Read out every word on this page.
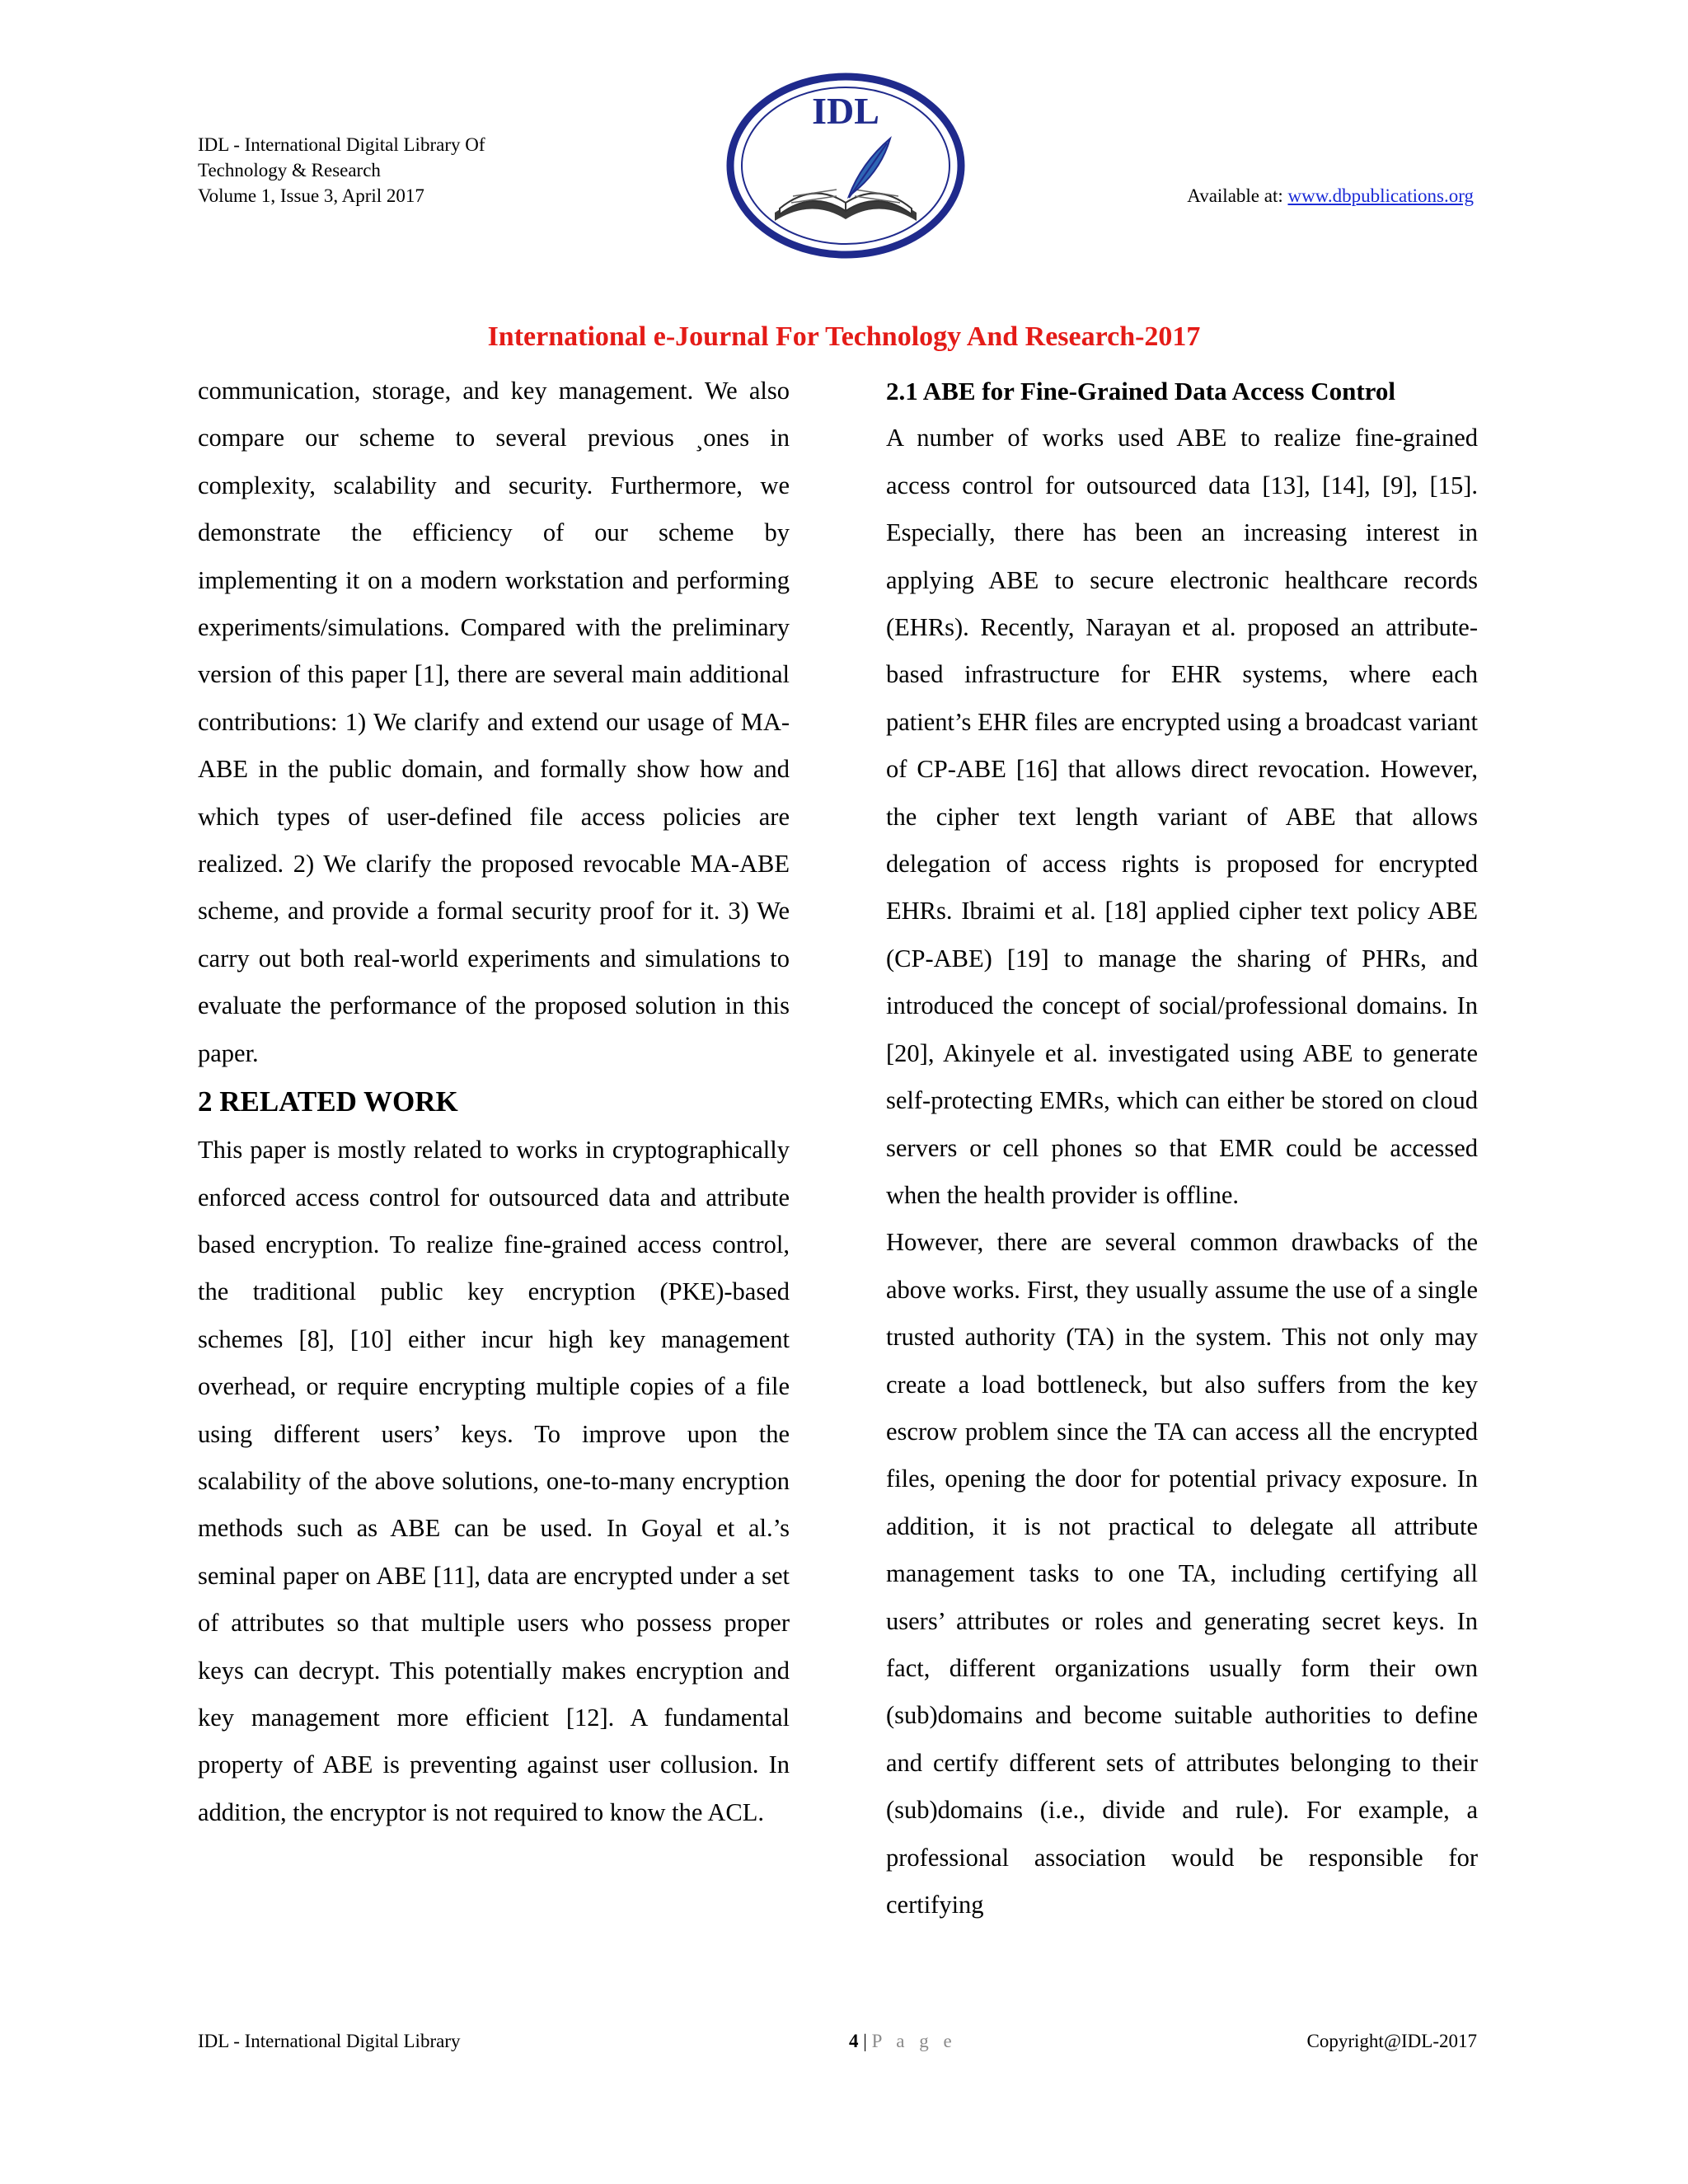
IDL - International Digital Library Of
Technology & Research
Volume 1, Issue 3, April 2017
IDL
Available at: www.dbpublications.org
International e-Journal For Technology And Research-2017

communication, storage, and key management. We also compare our scheme to several previous ¸ones in complexity, scalability and security. Furthermore, we demonstrate the efficiency of our scheme by implementing it on a modern workstation and performing experiments/simulations. Compared with the preliminary version of this paper [1], there are several main additional contributions: 1) We clarify and extend our usage of MA-ABE in the public domain, and formally show how and which types of user-defined file access policies are realized. 2) We clarify the proposed revocable MA-ABE scheme, and provide a formal security proof for it. 3) We carry out both real-world experiments and simulations to evaluate the performance of the proposed solution in this paper.

2 RELATED WORK

This paper is mostly related to works in cryptographically enforced access control for outsourced data and attribute based encryption. To realize fine-grained access control, the traditional public key encryption (PKE)-based schemes [8], [10] either incur high key management overhead, or require encrypting multiple copies of a file using different users’ keys. To improve upon the scalability of the above solutions, one-to-many encryption methods such as ABE can be used. In Goyal et al.’s seminal paper on ABE [11], data are encrypted under a set of attributes so that multiple users who possess proper keys can decrypt. This potentially makes encryption and key management more efficient [12]. A fundamental property of ABE is preventing against user collusion. In addition, the encryptor is not required to know the ACL.

2.1 ABE for Fine-Grained Data Access Control

A number of works used ABE to realize fine-grained access control for outsourced data [13], [14], [9], [15]. Especially, there has been an increasing interest in applying ABE to secure electronic healthcare records (EHRs). Recently, Narayan et al. proposed an attribute-based infrastructure for EHR systems, where each patient’s EHR files are encrypted using a broadcast variant of CP-ABE [16] that allows direct revocation. However, the cipher text length variant of ABE that allows delegation of access rights is proposed for encrypted EHRs. Ibraimi et al. [18] applied cipher text policy ABE (CP-ABE) [19] to manage the sharing of PHRs, and introduced the concept of social/professional domains. In [20], Akinyele et al. investigated using ABE to generate self-protecting EMRs, which can either be stored on cloud servers or cell phones so that EMR could be accessed when the health provider is offline.

However, there are several common drawbacks of the above works. First, they usually assume the use of a single trusted authority (TA) in the system. This not only may create a load bottleneck, but also suffers from the key escrow problem since the TA can access all the encrypted files, opening the door for potential privacy exposure. In addition, it is not practical to delegate all attribute management tasks to one TA, including certifying all users’ attributes or roles and generating secret keys. In fact, different organizations usually form their own (sub)domains and become suitable authorities to define and certify different sets of attributes belonging to their (sub)domains (i.e., divide and rule). For example, a professional association would be responsible for certifying

IDL - International Digital Library	4 | P a g e	Copyright@IDL-2017
